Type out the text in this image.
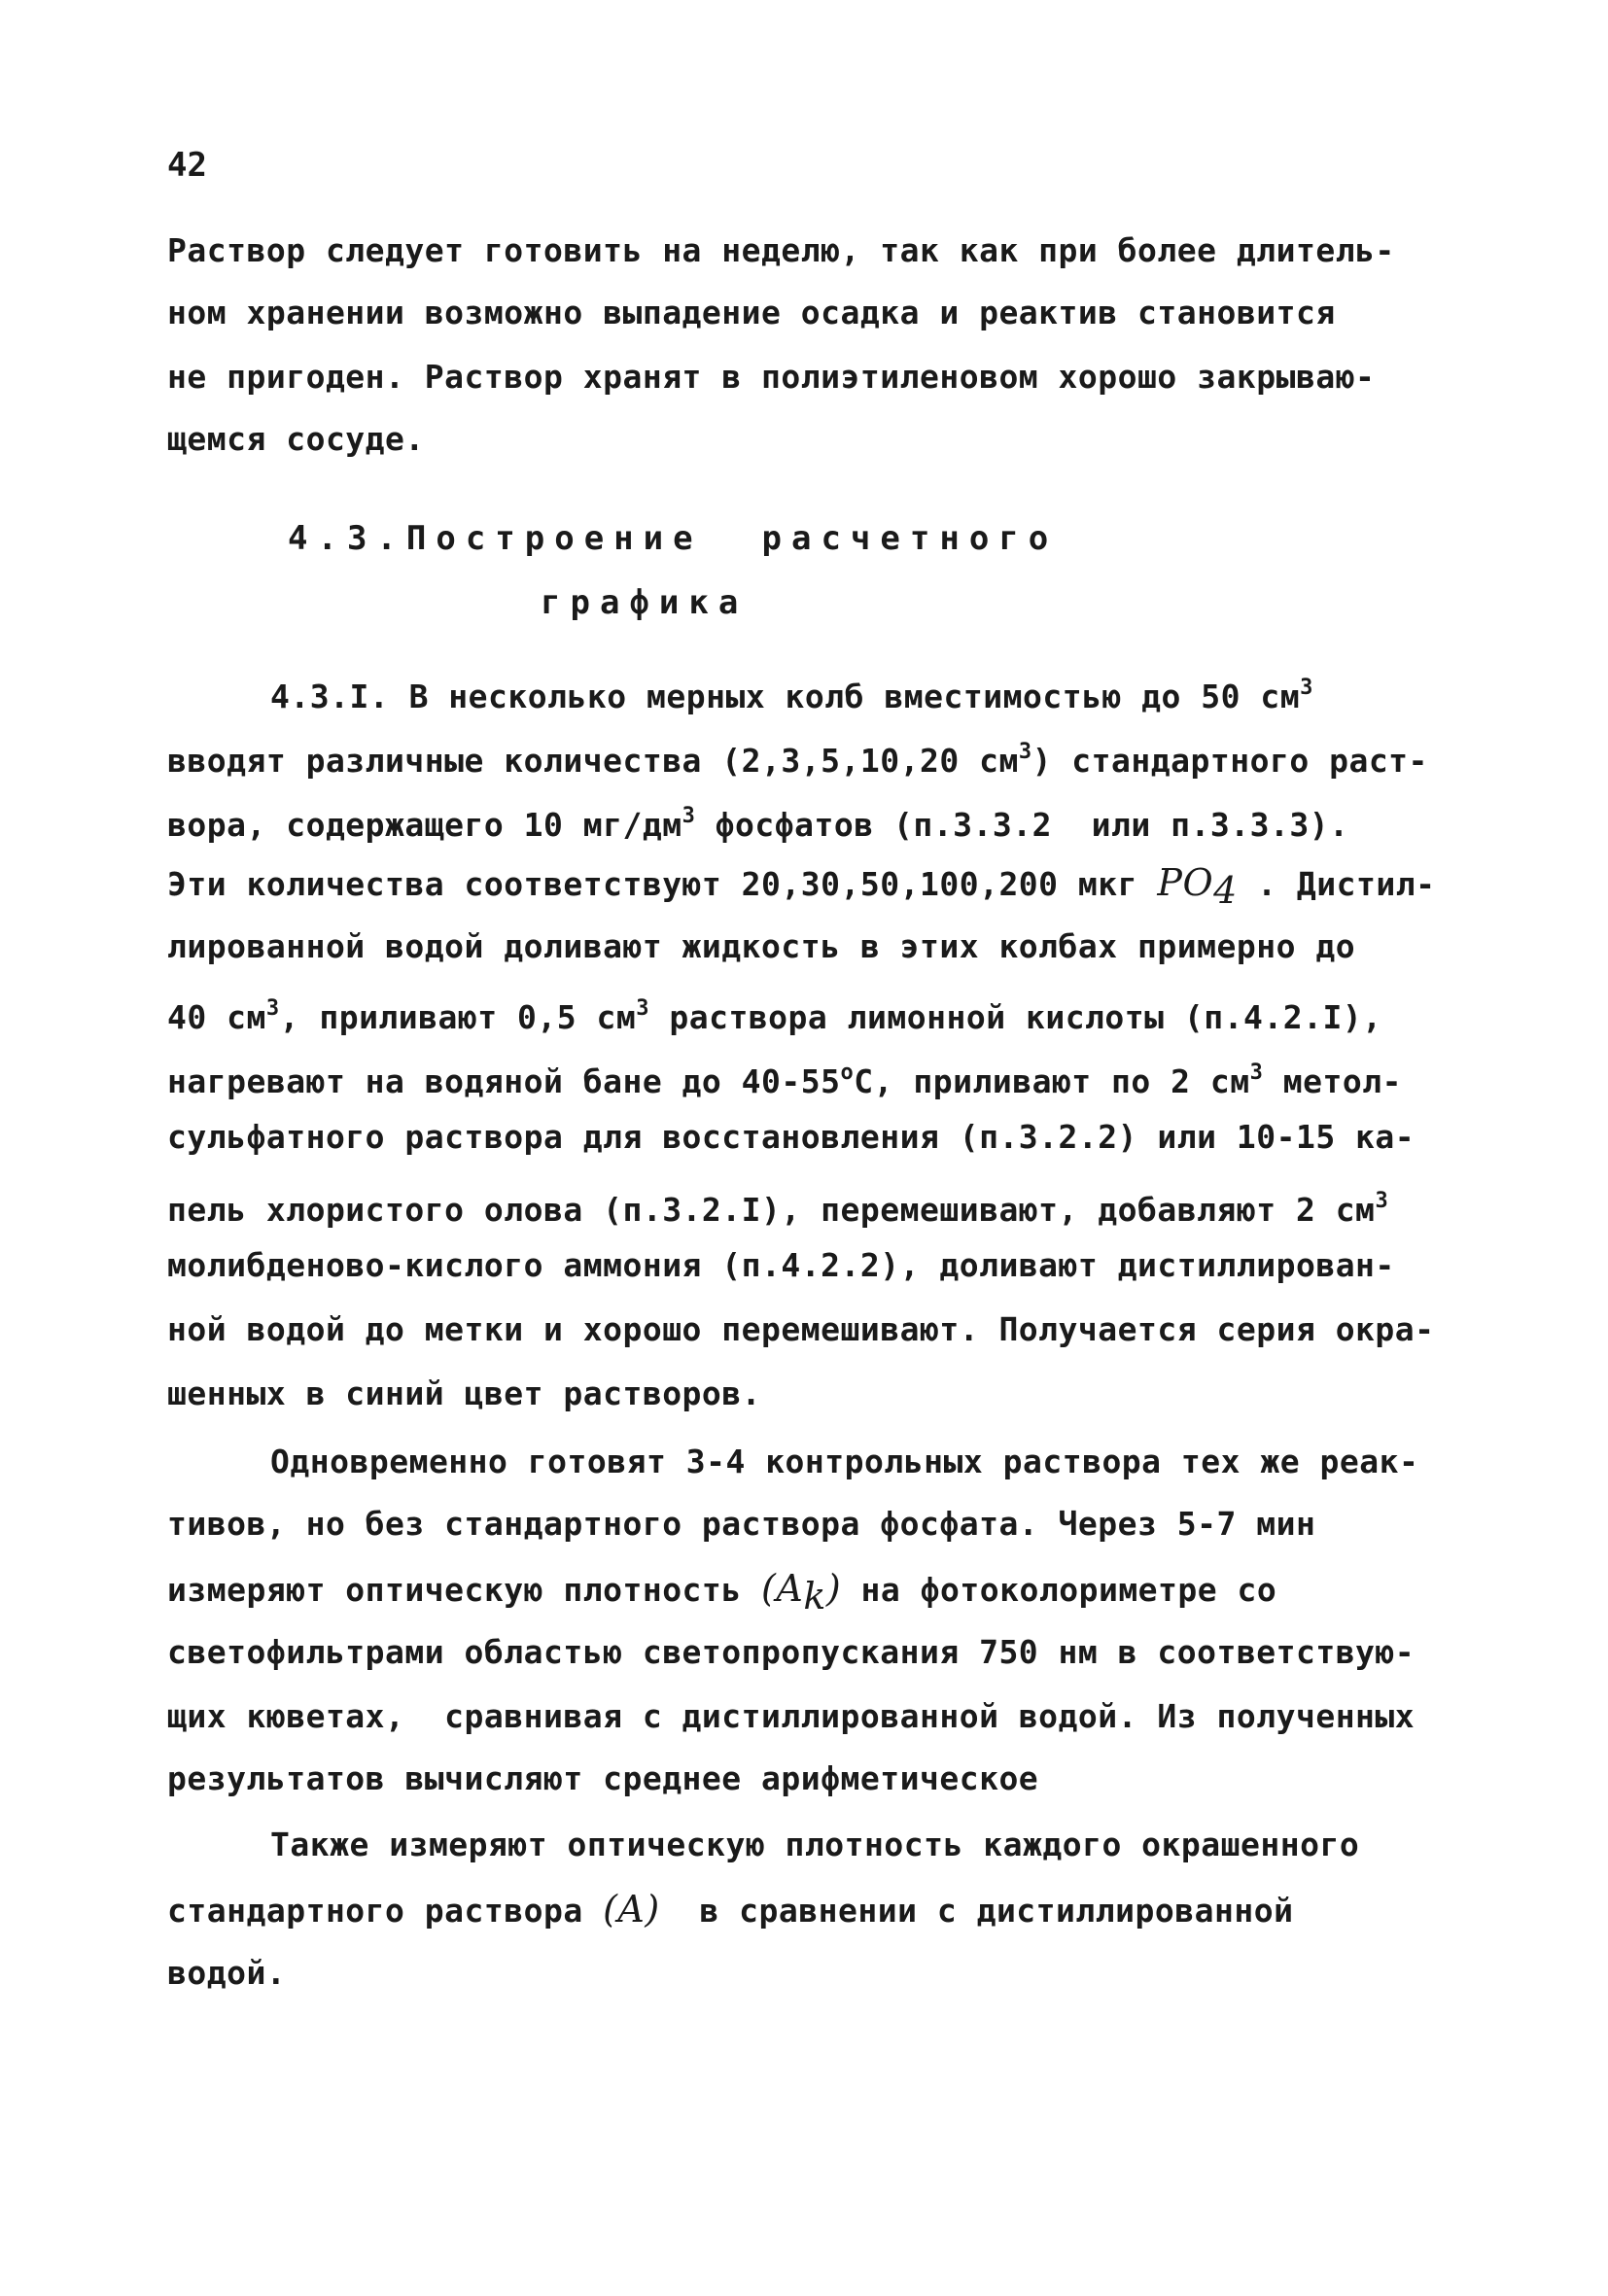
42
Раствор следует готовить на неделю, так как при более длитель-
ном хранении возможно выпадение осадка и реактив становится
не пригоден. Раствор хранят в полиэтиленовом хорошо закрываю-
щемся сосуде.
4.3.Построение  расчетного
графика
4.3.I. В несколько мерных колб вместимостью до 50 $см^3$
вводят различные количества (2,3,5,10,20 $см^3$) стандартного раст-
вора, содержащего 10 $мг/дм^3$ фосфатов (п.3.3.2  или п.3.3.3).
Эти количества соответствуют 20,30,50,100,200 мкг $PO_4$ . Дистил-
лированной водой доливают жидкость в этих колбах примерно до
40 $см^3$, приливают 0,5 $см^3$ раствора лимонной кислоты (п.4.2.I),
нагревают на водяной бане до 40-55$^o$С, приливают по 2 $см^3$ метол-
сульфатного раствора для восстановления (п.3.2.2) или 10-15 ка-
пель хлористого олова (п.3.2.I), перемешивают, добавляют 2 $см^3$
молибденово-кислого аммония (п.4.2.2), доливают дистиллирован-
ной водой до метки и хорошо перемешивают. Получается серия окра-
шенных в синий цвет растворов.
Одновременно готовят 3-4 контрольных раствора тех же реак-
тивов, но без стандартного раствора фосфата. Через 5-7 мин
измеряют оптическую плотность $(A_k)$ на фотоколориметре со
светофильтрами областью светопропускания 750 нм в соответствую-
щих кюветах,  сравнивая с дистиллированной водой. Из полученных
результатов вычисляют среднее арифметическое
Также измеряют оптическую плотность каждого окрашенного
стандартного раствора (A)  в сравнении с дистиллированной
водой.
